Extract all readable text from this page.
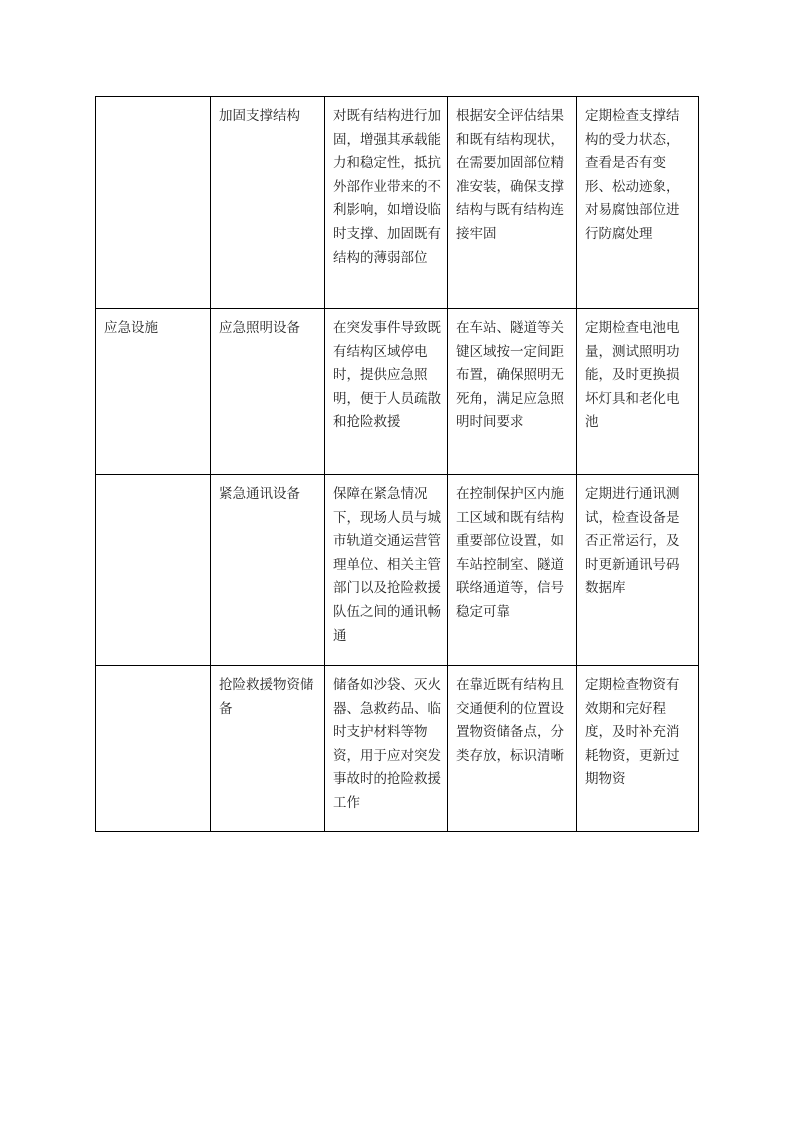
	加固支撑结构	对既有结构进行加固，增强其承载能力和稳定性，抵抗外部作业带来的不利影响，如增设临时支撑、加固既有结构的薄弱部位	根据安全评估结果和既有结构现状，在需要加固部位精准安装，确保支撑结构与既有结构连接牢固	定期检查支撑结构的受力状态，查看是否有变形、松动迹象，对易腐蚀部位进行防腐处理
应急设施	应急照明设备	在突发事件导致既有结构区域停电时，提供应急照明，便于人员疏散和抢险救援	在车站、隧道等关键区域按一定间距布置，确保照明无死角，满足应急照明时间要求	定期检查电池电量，测试照明功能，及时更换损坏灯具和老化电池
	紧急通讯设备	保障在紧急情况下，现场人员与城市轨道交通运营管理单位、相关主管部门以及抢险救援队伍之间的通讯畅通	在控制保护区内施工区域和既有结构重要部位设置，如车站控制室、隧道联络通道等，信号稳定可靠	定期进行通讯测试，检查设备是否正常运行，及时更新通讯号码数据库
	抢险救援物资储备	储备如沙袋、灭火器、急救药品、临时支护材料等物资，用于应对突发事故时的抢险救援工作	在靠近既有结构且交通便利的位置设置物资储备点，分类存放，标识清晰	定期检查物资有效期和完好程度，及时补充消耗物资，更新过期物资
